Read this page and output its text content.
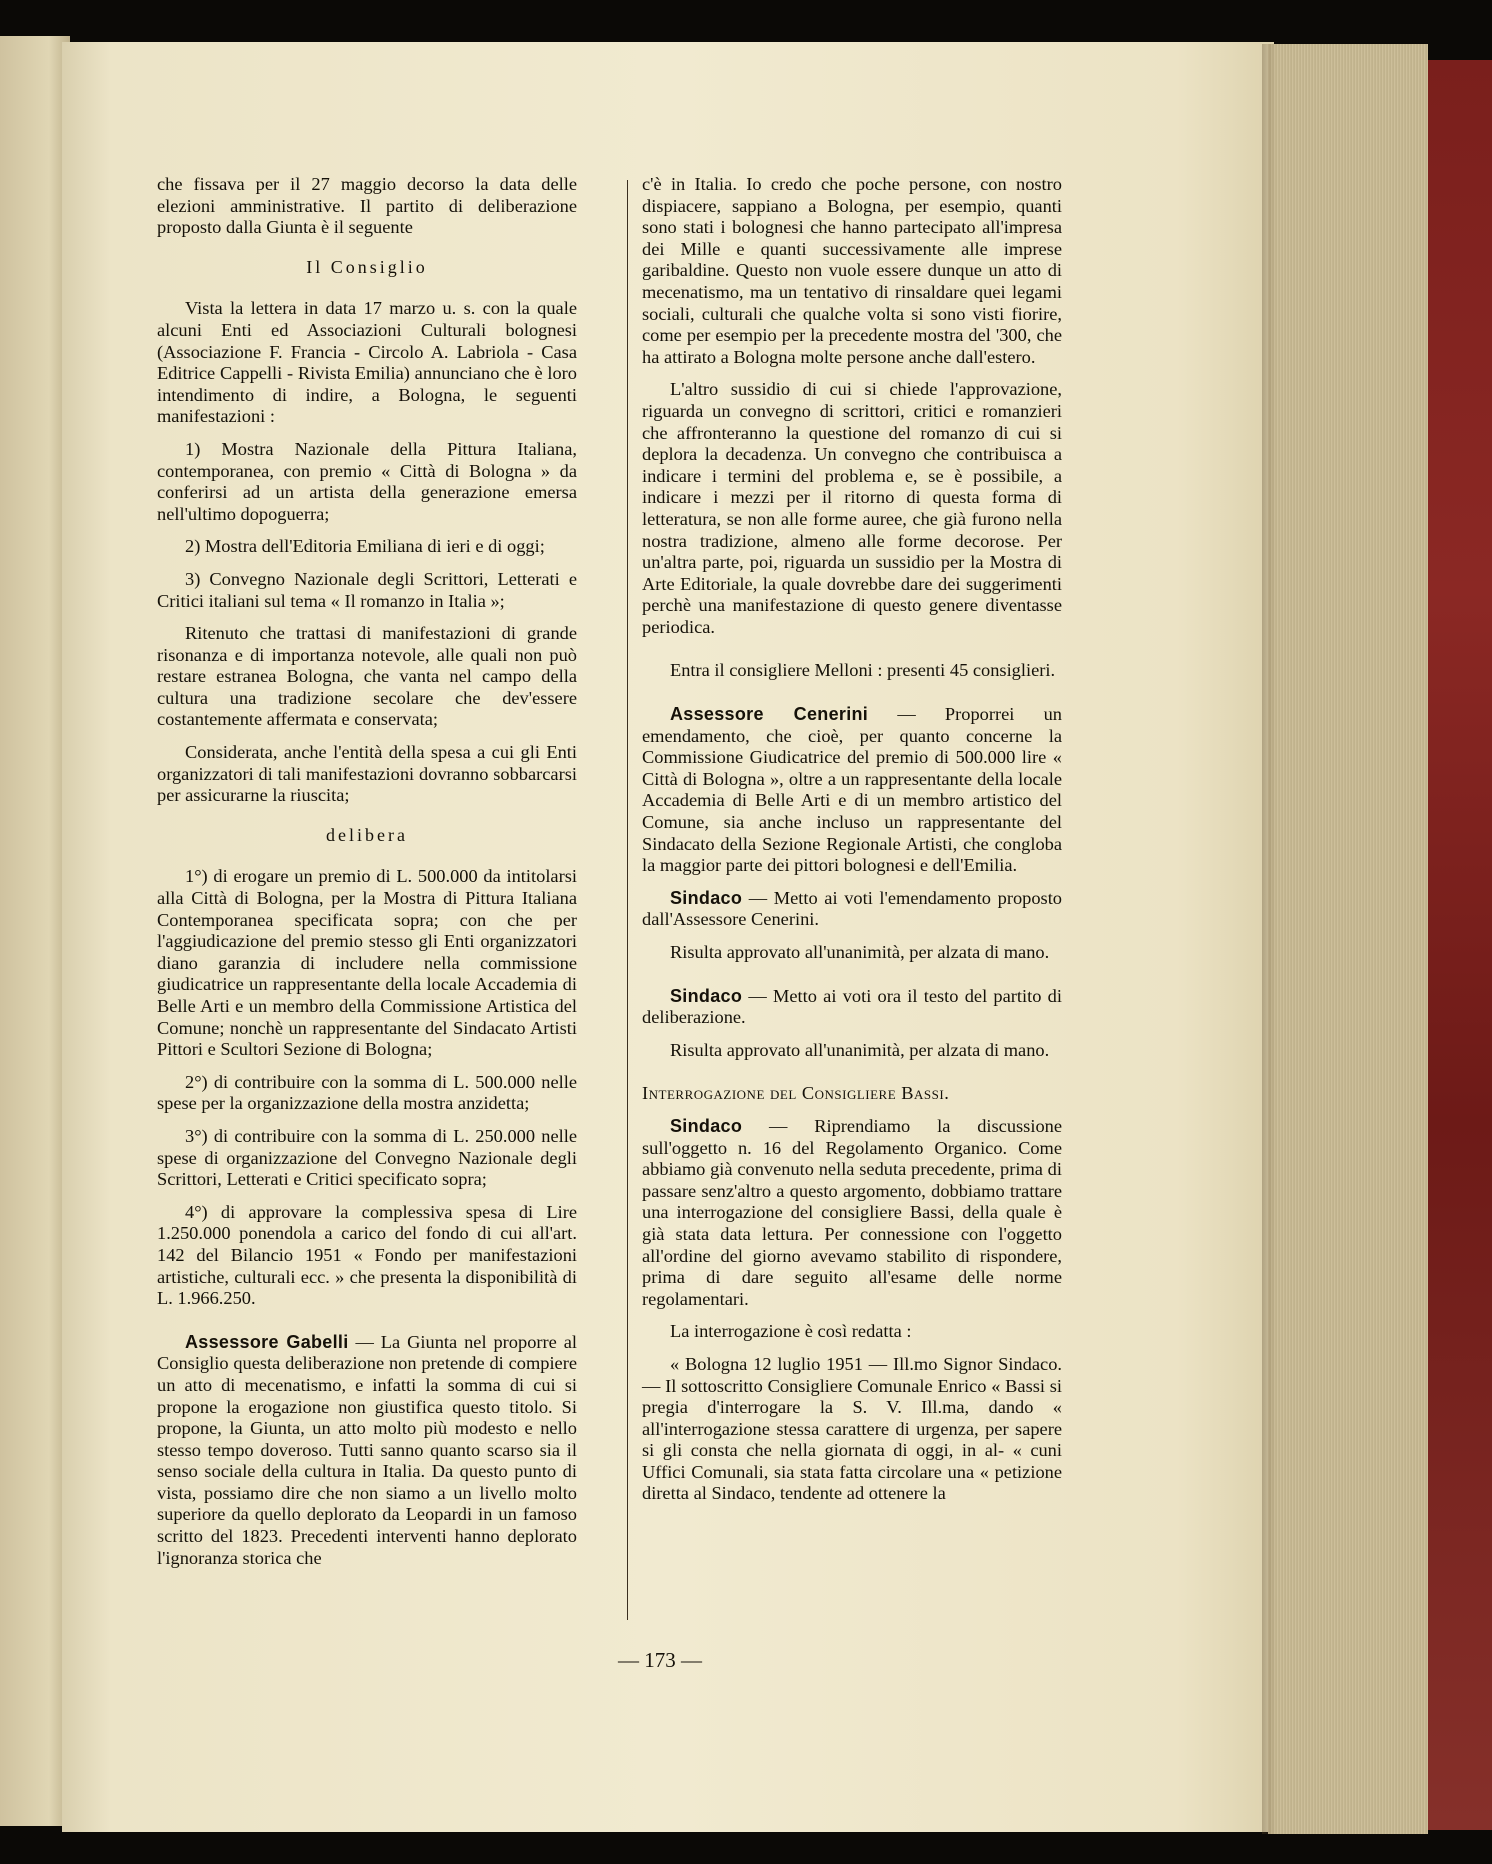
che fissava per il 27 maggio decorso la data delle elezioni amministrative. Il partito di deliberazione proposto dalla Giunta è il seguente

Il Consiglio

Vista la lettera in data 17 marzo u. s. con la quale alcuni Enti ed Associazioni Culturali bolognesi (Associazione F. Francia - Circolo A. Labriola - Casa Editrice Cappelli - Rivista Emilia) annunciano che è loro intendimento di indire, a Bologna, le seguenti manifestazioni :

1) Mostra Nazionale della Pittura Italiana, contemporanea, con premio « Città di Bologna » da conferirsi ad un artista della generazione emersa nell'ultimo dopoguerra;

2) Mostra dell'Editoria Emiliana di ieri e di oggi;

3) Convegno Nazionale degli Scrittori, Letterati e Critici italiani sul tema « Il romanzo in Italia »;

Ritenuto che trattasi di manifestazioni di grande risonanza e di importanza notevole, alle quali non può restare estranea Bologna, che vanta nel campo della cultura una tradizione secolare che dev'essere costantemente affermata e conservata;

Considerata, anche l'entità della spesa a cui gli Enti organizzatori di tali manifestazioni dovranno sobbarcarsi per assicurarne la riuscita;

delibera

1°) di erogare un premio di L. 500.000 da intitolarsi alla Città di Bologna, per la Mostra di Pittura Italiana Contemporanea specificata sopra; con che per l'aggiudicazione del premio stesso gli Enti organizzatori diano garanzia di includere nella commissione giudicatrice un rappresentante della locale Accademia di Belle Arti e un membro della Commissione Artistica del Comune; nonchè un rappresentante del Sindacato Artisti Pittori e Scultori Sezione di Bologna;

2°) di contribuire con la somma di L. 500.000 nelle spese per la organizzazione della mostra anzidetta;

3°) di contribuire con la somma di L. 250.000 nelle spese di organizzazione del Convegno Nazionale degli Scrittori, Letterati e Critici specificato sopra;

4°) di approvare la complessiva spesa di Lire 1.250.000 ponendola a carico del fondo di cui all'art. 142 del Bilancio 1951 « Fondo per manifestazioni artistiche, culturali ecc. » che presenta la disponibilità di L. 1.966.250.

Assessore Gabelli — La Giunta nel proporre al Consiglio questa deliberazione non pretende di compiere un atto di mecenatismo, e infatti la somma di cui si propone la erogazione non giustifica questo titolo. Si propone, la Giunta, un atto molto più modesto e nello stesso tempo doveroso. Tutti sanno quanto scarso sia il senso sociale della cultura in Italia. Da questo punto di vista, possiamo dire che non siamo a un livello molto superiore da quello deplorato da Leopardi in un famoso scritto del 1823. Precedenti interventi hanno deplorato l'ignoranza storica che

c'è in Italia. Io credo che poche persone, con nostro dispiacere, sappiano a Bologna, per esempio, quanti sono stati i bolognesi che hanno partecipato all'impresa dei Mille e quanti successivamente alle imprese garibaldine. Questo non vuole essere dunque un atto di mecenatismo, ma un tentativo di rinsaldare quei legami sociali, culturali che qualche volta si sono visti fiorire, come per esempio per la precedente mostra del '300, che ha attirato a Bologna molte persone anche dall'estero.

L'altro sussidio di cui si chiede l'approvazione, riguarda un convegno di scrittori, critici e romanzieri che affronteranno la questione del romanzo di cui si deplora la decadenza. Un convegno che contribuisca a indicare i termini del problema e, se è possibile, a indicare i mezzi per il ritorno di questa forma di letteratura, se non alle forme auree, che già furono nella nostra tradizione, almeno alle forme decorose. Per un'altra parte, poi, riguarda un sussidio per la Mostra di Arte Editoriale, la quale dovrebbe dare dei suggerimenti perchè una manifestazione di questo genere diventasse periodica.

Entra il consigliere Melloni : presenti 45 consiglieri.

Assessore Cenerini — Proporrei un emendamento, che cioè, per quanto concerne la Commissione Giudicatrice del premio di 500.000 lire « Città di Bologna », oltre a un rappresentante della locale Accademia di Belle Arti e di un membro artistico del Comune, sia anche incluso un rappresentante del Sindacato della Sezione Regionale Artisti, che congloba la maggior parte dei pittori bolognesi e dell'Emilia.

Sindaco — Metto ai voti l'emendamento proposto dall'Assessore Cenerini.

Risulta approvato all'unanimità, per alzata di mano.

Sindaco — Metto ai voti ora il testo del partito di deliberazione.

Risulta approvato all'unanimità, per alzata di mano.

Interrogazione del Consigliere Bassi.

Sindaco — Riprendiamo la discussione sull'oggetto n. 16 del Regolamento Organico. Come abbiamo già convenuto nella seduta precedente, prima di passare senz'altro a questo argomento, dobbiamo trattare una interrogazione del consigliere Bassi, della quale è già stata data lettura. Per connessione con l'oggetto all'ordine del giorno avevamo stabilito di rispondere, prima di dare seguito all'esame delle norme regolamentari.

La interrogazione è così redatta :

« Bologna 12 luglio 1951 — Ill.mo Signor Sindaco. — Il sottoscritto Consigliere Comunale Enrico « Bassi si pregia d'interrogare la S. V. Ill.ma, dando « all'interrogazione stessa carattere di urgenza, per sapere si gli consta che nella giornata di oggi, in al- « cuni Uffici Comunali, sia stata fatta circolare una « petizione diretta al Sindaco, tendente ad ottenere la

— 173 —
